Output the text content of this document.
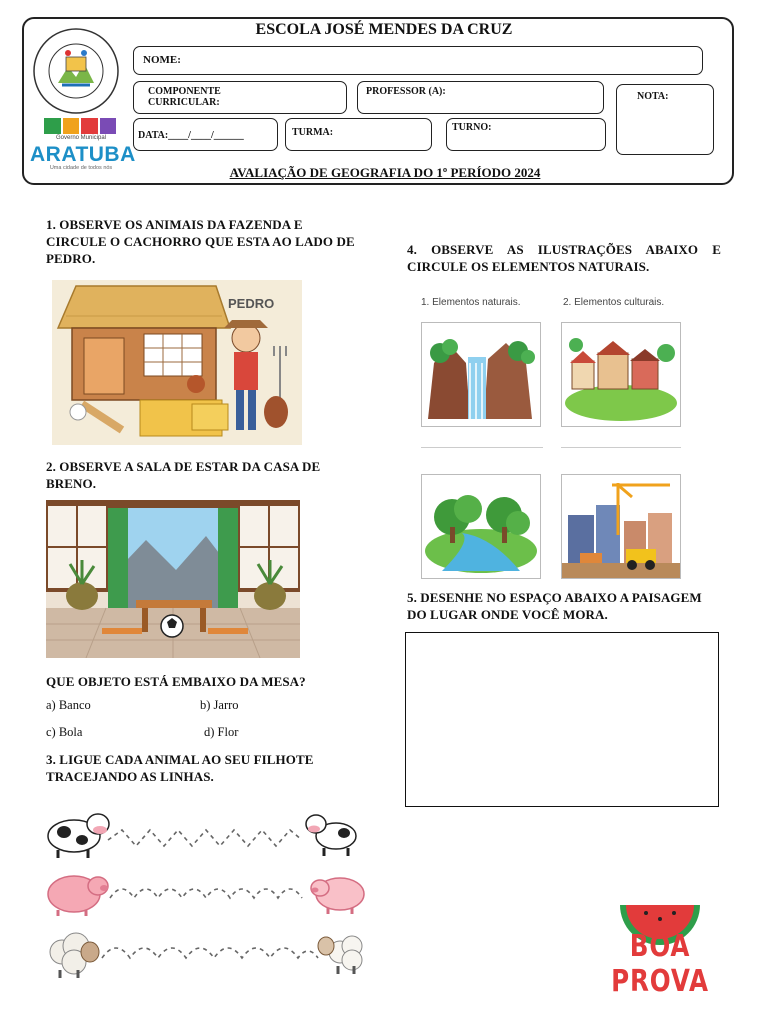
Governo Municipal
ARATUBA
Uma cidade de todos nós
ESCOLA JOSÉ MENDES DA CRUZ
NOME:
COMPONENTE
CURRICULAR:
PROFESSOR (A):	NOTA:
DATA:____/____/______	TURMA:	TURNO:
AVALIAÇÃO DE GEOGRAFIA DO 1º PERÍODO 2024
1. OBSERVE OS ANIMAIS DA FAZENDA E CIRCULE O CACHORRO QUE ESTA AO LADO DE PEDRO.
PEDRO
2. OBSERVE A SALA DE ESTAR DA CASA DE BRENO.
QUE OBJETO ESTÁ EMBAIXO DA MESA?
a) Banco	b) Jarro
c) Bola	d) Flor
3. LIGUE CADA ANIMAL AO SEU FILHOTE TRACEJANDO AS LINHAS.
4. OBSERVE AS ILUSTRAÇÕES ABAIXO E CIRCULE OS ELEMENTOS NATURAIS.
1. Elementos naturais.	2. Elementos culturais.
5. DESENHE NO ESPAÇO ABAIXO A PAISAGEM DO LUGAR ONDE VOCÊ MORA.
BOA PROVA
